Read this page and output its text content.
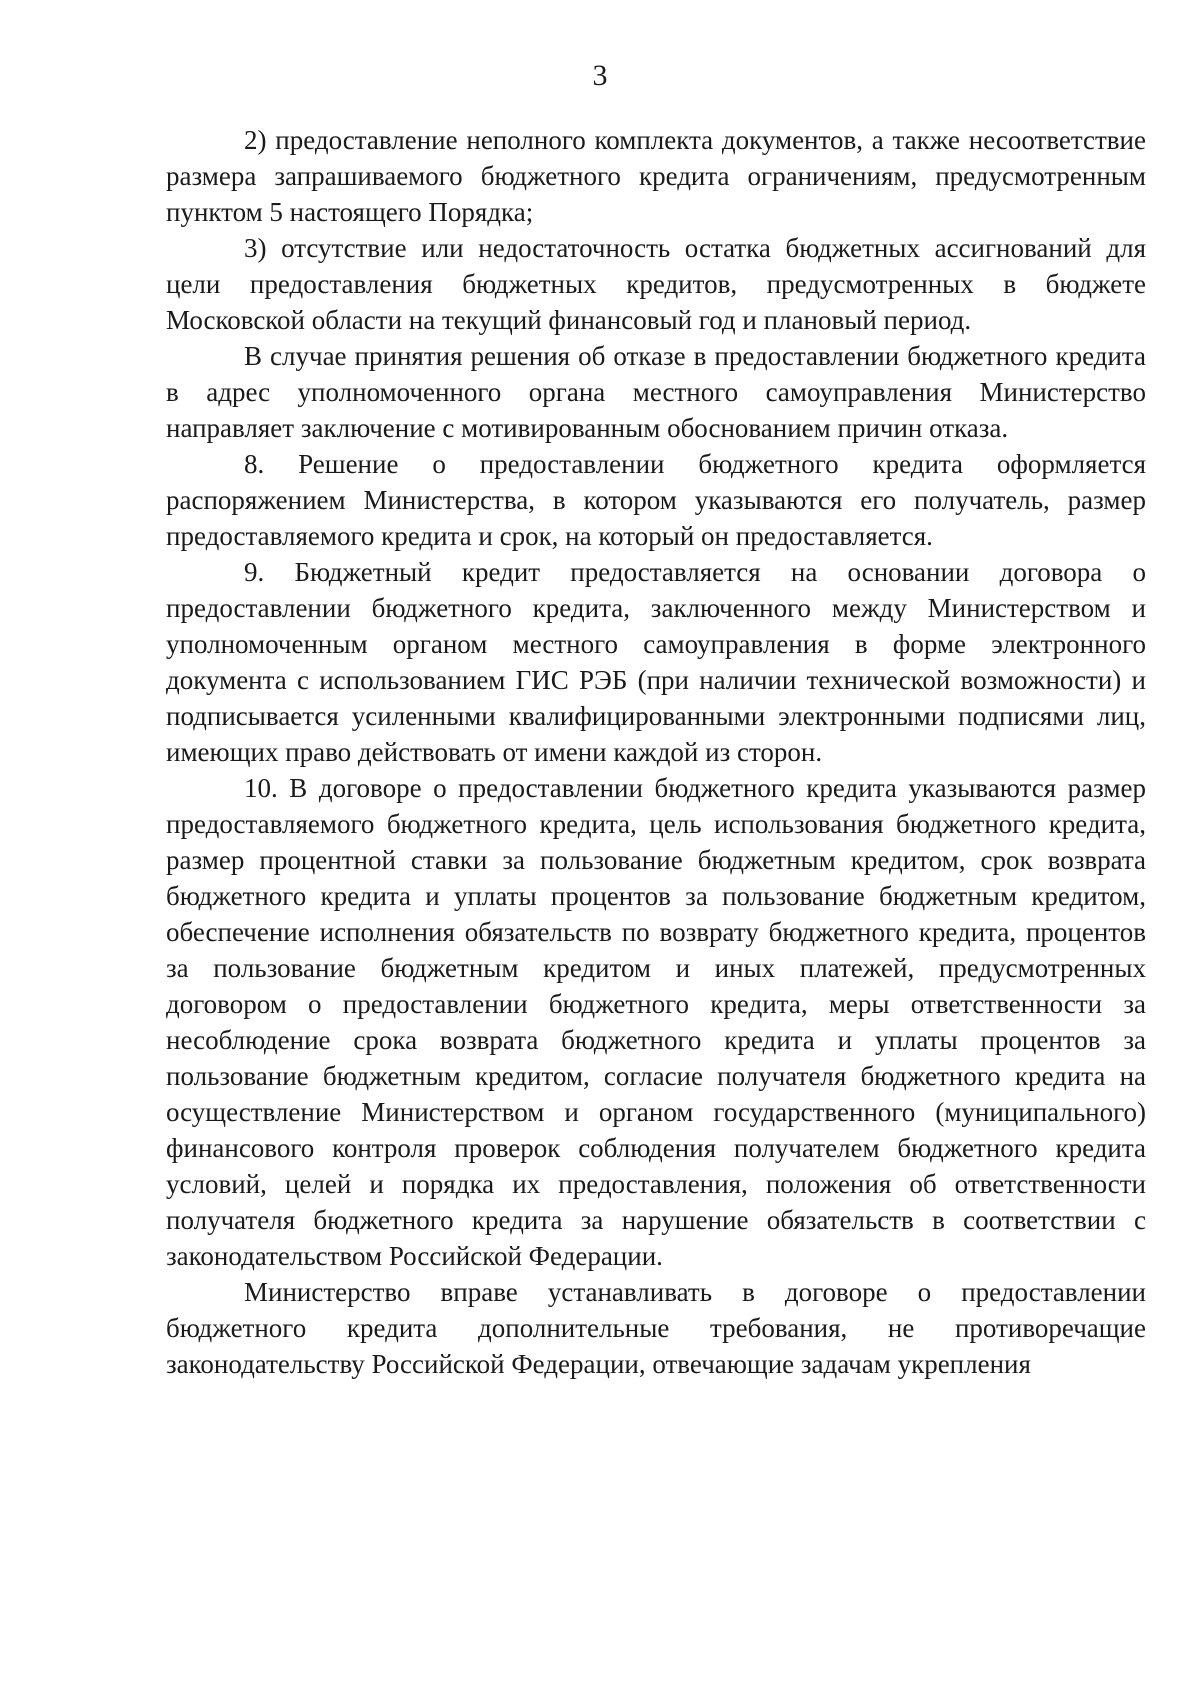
3

2) предоставление неполного комплекта документов, а также несоответствие размера запрашиваемого бюджетного кредита ограничениям, предусмотренным пунктом 5 настоящего Порядка;

3) отсутствие или недостаточность остатка бюджетных ассигнований для цели предоставления бюджетных кредитов, предусмотренных в бюджете Московской области на текущий финансовый год и плановый период.

В случае принятия решения об отказе в предоставлении бюджетного кредита в адрес уполномоченного органа местного самоуправления Министерство направляет заключение с мотивированным обоснованием причин отказа.

8. Решение о предоставлении бюджетного кредита оформляется распоряжением Министерства, в котором указываются его получатель, размер предоставляемого кредита и срок, на который он предоставляется.

9. Бюджетный кредит предоставляется на основании договора о предоставлении бюджетного кредита, заключенного между Министерством и уполномоченным органом местного самоуправления в форме электронного документа с использованием ГИС РЭБ (при наличии технической возможности) и подписывается усиленными квалифицированными электронными подписями лиц, имеющих право действовать от имени каждой из сторон.

10. В договоре о предоставлении бюджетного кредита указываются размер предоставляемого бюджетного кредита, цель использования бюджетного кредита, размер процентной ставки за пользование бюджетным кредитом, срок возврата бюджетного кредита и уплаты процентов за пользование бюджетным кредитом, обеспечение исполнения обязательств по возврату бюджетного кредита, процентов за пользование бюджетным кредитом и иных платежей, предусмотренных договором о предоставлении бюджетного кредита, меры ответственности за несоблюдение срока возврата бюджетного кредита и уплаты процентов за пользование бюджетным кредитом, согласие получателя бюджетного кредита на осуществление Министерством и органом государственного (муниципального) финансового контроля проверок соблюдения получателем бюджетного кредита условий, целей и порядка их предоставления, положения об ответственности получателя бюджетного кредита за нарушение обязательств в соответствии с законодательством Российской Федерации.

Министерство вправе устанавливать в договоре о предоставлении бюджетного кредита дополнительные требования, не противоречащие законодательству Российской Федерации, отвечающие задачам укрепления
